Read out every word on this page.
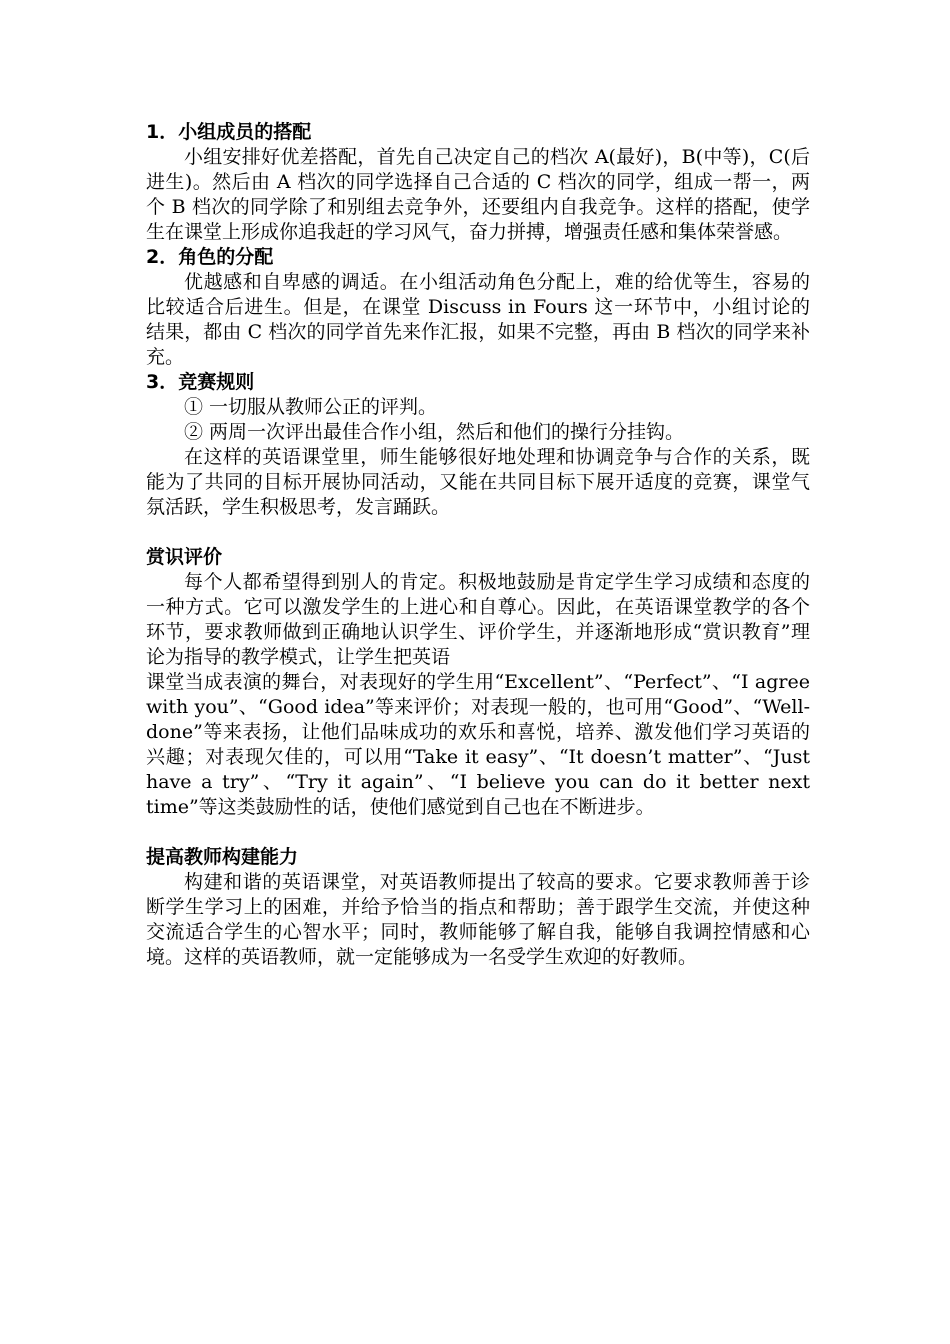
1．小组成员的搭配

小组安排好优差搭配，首先自己决定自己的档次 A(最好)，B(中等)，C(后进生)。然后由 A 档次的同学选择自己合适的 C 档次的同学，组成一帮一，两个 B 档次的同学除了和别组去竞争外，还要组内自我竞争。这样的搭配，使学生在课堂上形成你追我赶的学习风气，奋力拼搏，增强责任感和集体荣誉感。

2．角色的分配

优越感和自卑感的调适。在小组活动角色分配上，难的给优等生，容易的比较适合后进生。但是，在课堂 Discuss in Fours 这一环节中，小组讨论的结果，都由 C 档次的同学首先来作汇报，如果不完整，再由 B 档次的同学来补充。

3．竞赛规则

① 一切服从教师公正的评判。

② 两周一次评出最佳合作小组，然后和他们的操行分挂钩。

在这样的英语课堂里，师生能够很好地处理和协调竞争与合作的关系，既能为了共同的目标开展协同活动，又能在共同目标下展开适度的竞赛，课堂气氛活跃，学生积极思考，发言踊跃。

赏识评价

每个人都希望得到别人的肯定。积极地鼓励是肯定学生学习成绩和态度的一种方式。它可以激发学生的上进心和自尊心。因此，在英语课堂教学的各个环节，要求教师做到正确地认识学生、评价学生，并逐渐地形成“赏识教育”理论为指导的教学模式，让学生把英语

课堂当成表演的舞台，对表现好的学生用“Excellent”、“Perfect”、“I agree with you”、“Good idea”等来评价；对表现一般的，也可用“Good”、“Well-done”等来表扬，让他们品味成功的欢乐和喜悦，培养、激发他们学习英语的兴趣；对表现欠佳的，可以用“Take it easy”、“It doesn’t matter”、“Just have a try”、“Try it again”、“I believe you can do it better next time”等这类鼓励性的话，使他们感觉到自己也在不断进步。

提高教师构建能力

构建和谐的英语课堂，对英语教师提出了较高的要求。它要求教师善于诊断学生学习上的困难，并给予恰当的指点和帮助；善于跟学生交流，并使这种交流适合学生的心智水平；同时，教师能够了解自我，能够自我调控情感和心境。这样的英语教师，就一定能够成为一名受学生欢迎的好教师。
